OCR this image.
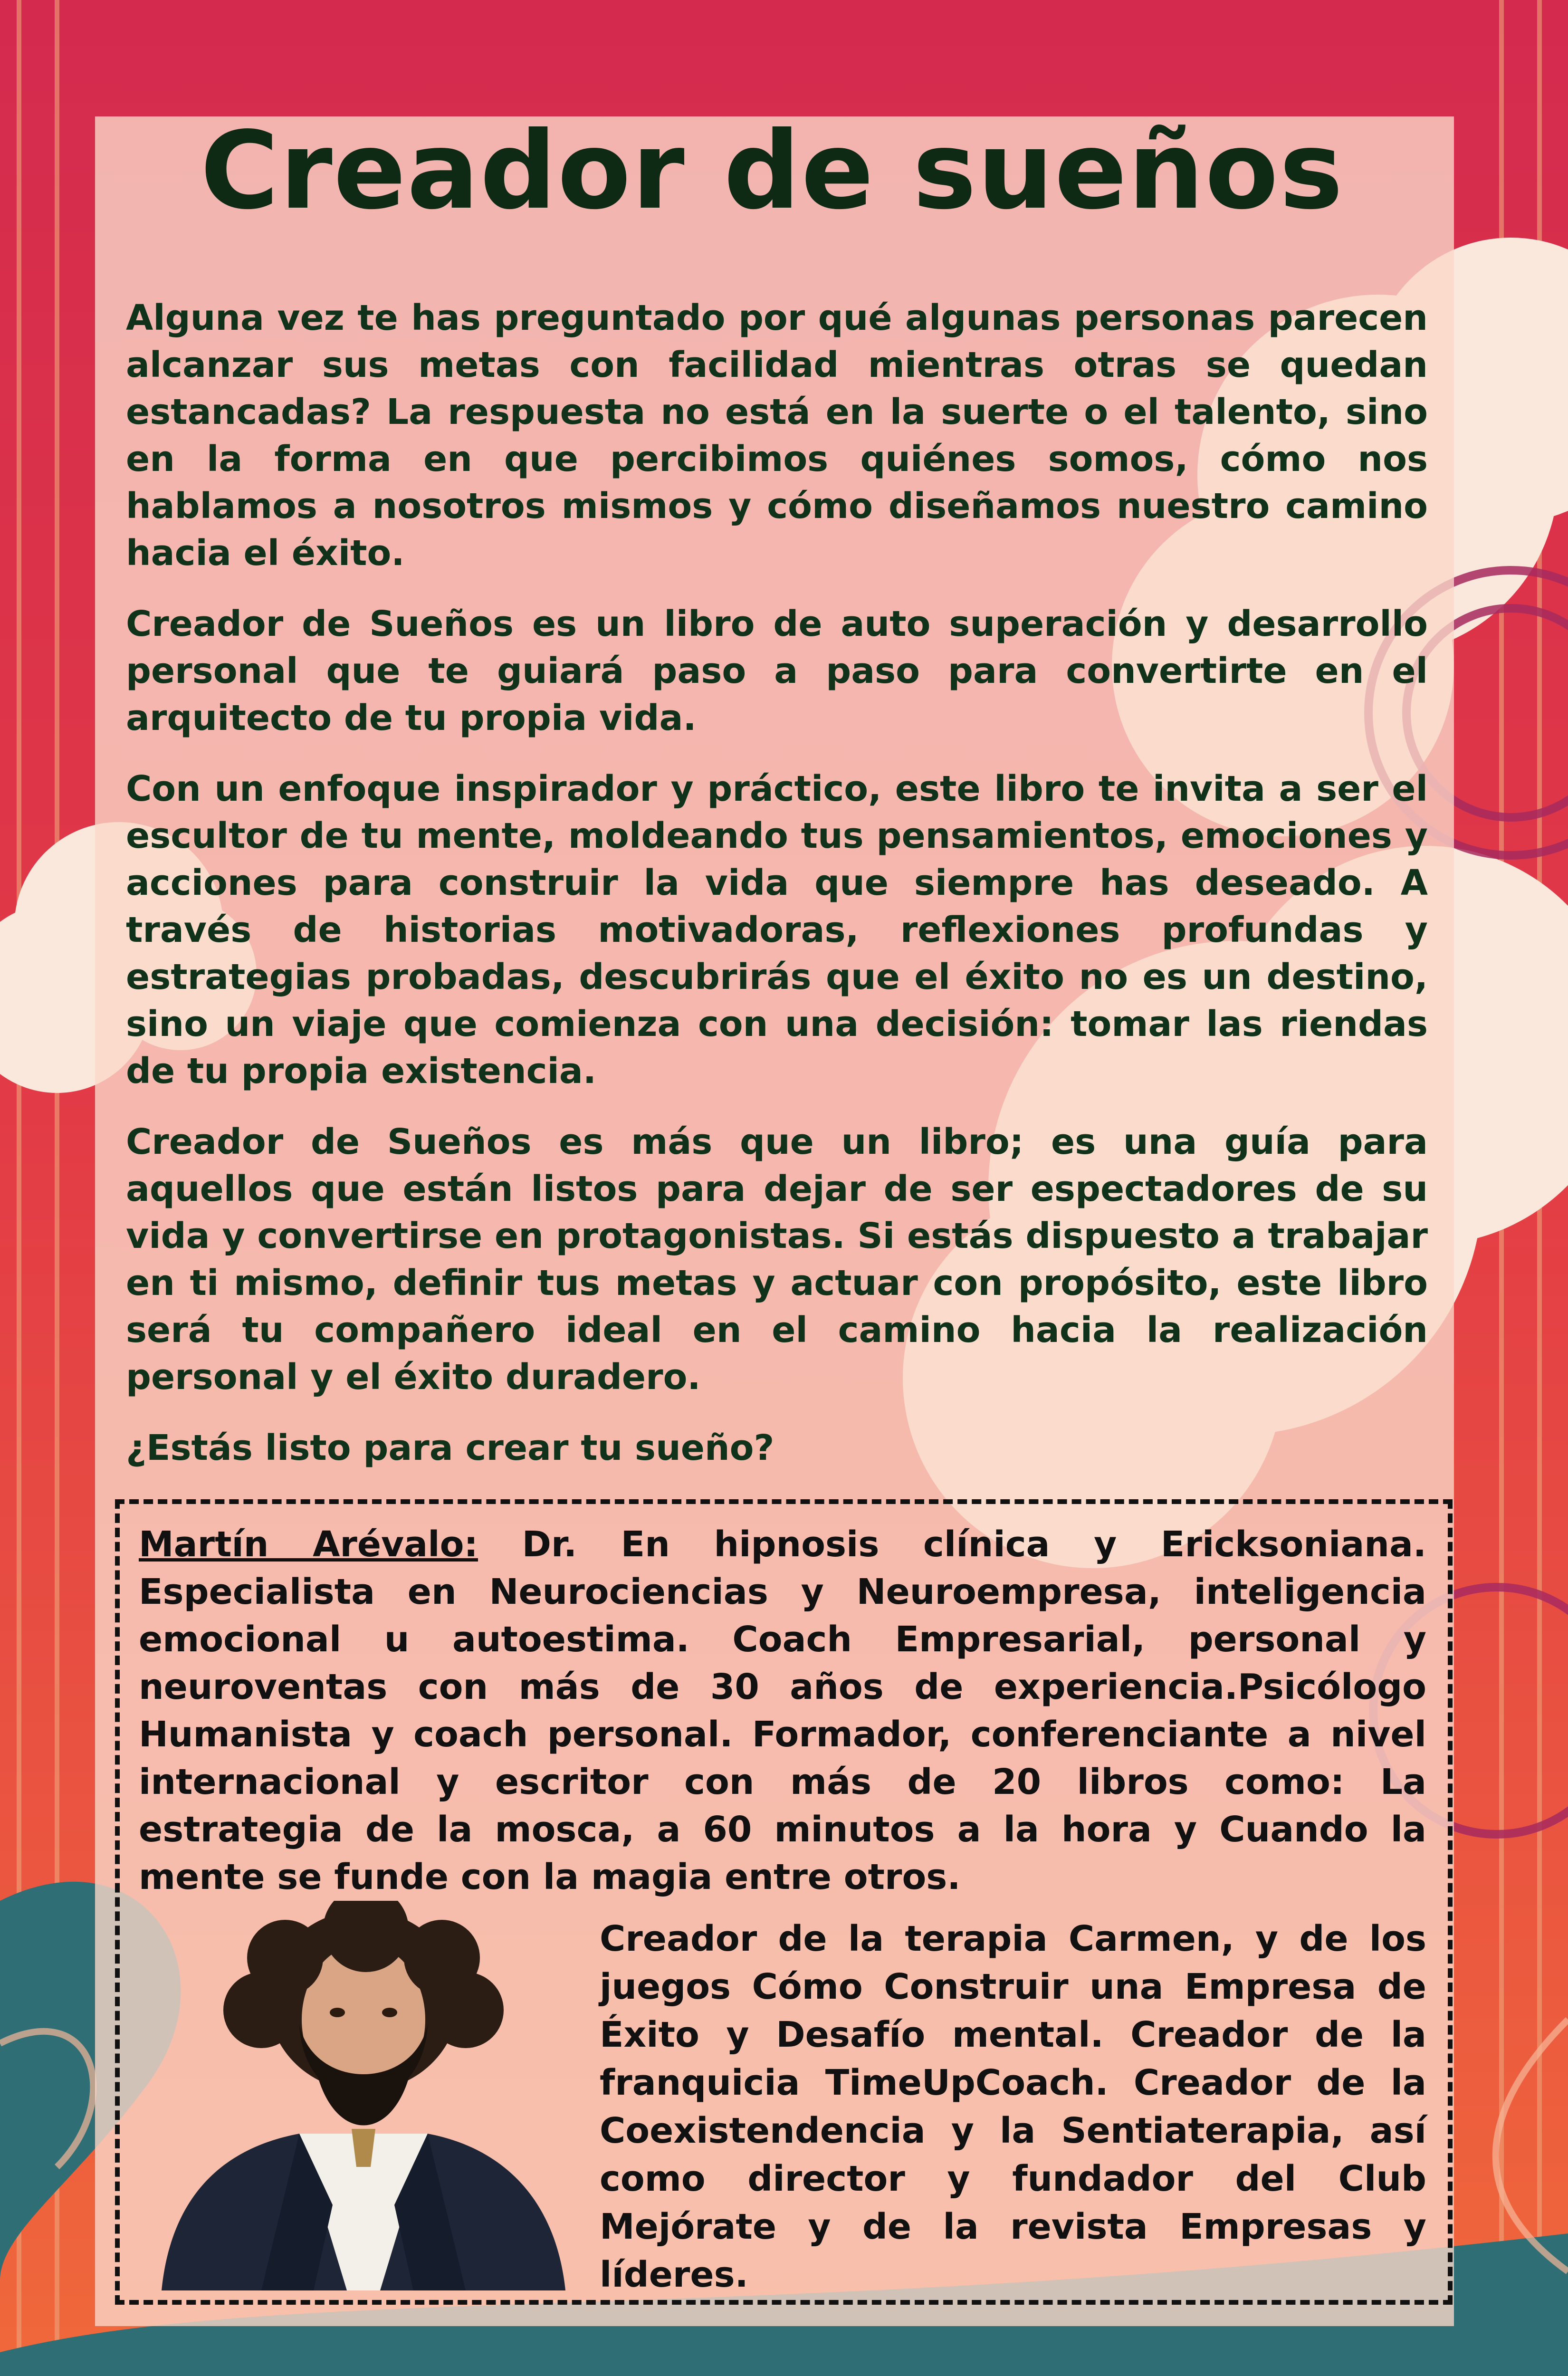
Creador de sueños

Alguna vez te has preguntado por qué algunas personas parecen alcanzar sus metas con facilidad mientras otras se quedan estancadas? La respuesta no está en la suerte o el talento, sino en la forma en que percibimos quiénes somos, cómo nos hablamos a nosotros mismos y cómo diseñamos nuestro camino hacia el éxito.

Creador de Sueños es un libro de auto superación y desarrollo personal que te guiará paso a paso para convertirte en el arquitecto de tu propia vida.

Con un enfoque inspirador y práctico, este libro te invita a ser el escultor de tu mente, moldeando tus pensamientos, emociones y acciones para construir la vida que siempre has deseado. A través de historias motivadoras, reflexiones profundas y estrategias probadas, descubrirás que el éxito no es un destino, sino un viaje que comienza con una decisión: tomar las riendas de tu propia existencia.

Creador de Sueños es más que un libro; es una guía para aquellos que están listos para dejar de ser espectadores de su vida y convertirse en protagonistas. Si estás dispuesto a trabajar en ti mismo, definir tus metas y actuar con propósito, este libro será tu compañero ideal en el camino hacia la realización personal y el éxito duradero.

¿Estás listo para crear tu sueño?

Martín Arévalo: Dr. En hipnosis clínica y Ericksoniana. Especialista en Neurociencias y Neuroempresa, inteligencia emocional u autoestima. Coach Empresarial, personal y neuroventas con más de 30 años de experiencia.Psicólogo Humanista y coach personal. Formador, conferenciante a nivel internacional y escritor con más de 20 libros como: La estrategia de la mosca, a 60 minutos a la hora y Cuando la mente se funde con la magia entre otros.

Creador de la terapia Carmen, y de los juegos Cómo Construir una Empresa de Éxito y Desafío mental. Creador de la franquicia TimeUpCoach. Creador de la Coexistendencia y la Sentiaterapia, así como director y fundador del Club Mejórate y de la revista Empresas y líderes.
